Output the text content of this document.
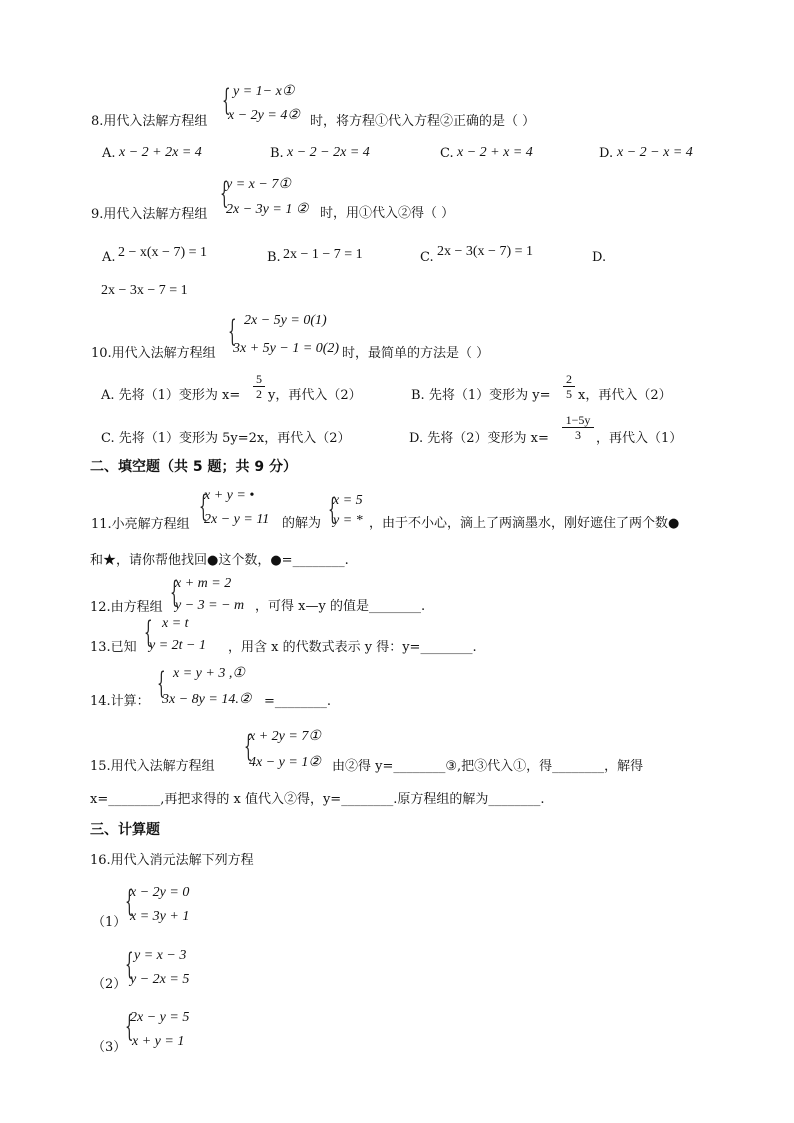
{ y = 1− x①
x − 2y = 4②
8.用代入法解方程组	时，将方程①代入方程②正确的是（ ）
A. x − 2 + 2x = 4	B. x − 2 − 2x = 4	C. x − 2 + x = 4	D. x − 2 − x = 4
{
y = x − 7①
2x − 3y = 1 ②
9.用代入法解方程组	时，用①代入②得（ ）
A. 2 − x(x − 7) = 1	B. 2x − 1 − 7 = 1	C. 2x − 3(x − 7) = 1	D.
2x − 3x − 7 = 1
{ 2x − 5y = 0(1)
3x + 5y − 1 = 0(2)
10.用代入法解方程组	时，最简单的方法是（ ）
A. 先将（1）变形为 $x= \frac{5}{2}$ y，再代入（2）	B. 先将（1）变形为 $y= \frac{2}{5}$ x，再代入（2）
C. 先将（1）变形为 5y=2x，再代入（2）	D. 先将（2）变形为 $x= \frac{1-5y}{3}$ ，再代入（1）
二、填空题（共 5 题；共 9 分）
{
x + y = •
2x − y = 11
11.小亮解方程组	的解为 {
x = 5
y = * ，由于不小心，滴上了两滴墨水，刚好遮住了两个数●
和★，请你帮他找回●这个数，●=________.
{
x + m = 2
y − 3 = − m
12.由方程组	，可得 x—y 的值是________.
{ x = t
y = 2t − 1
13.已知	，用含 x 的代数式表示 y 得：y=________.
{ x = y + 3 ,①
3x − 8y = 14.②
14.计算：	=________.
{
x + 2y = 7①
4x − y = 1②
15.用代入法解方程组	由②得 y=________③,把③代入①，得________，解得
x=________,再把求得的 x 值代入②得，y=________.原方程组的解为________.
三、计算题
16.用代入消元法解下列方程
（1）
{
x − 2y = 0
x = 3y + 1
（2）
{ y = x − 3
y − 2x = 5
（3）
{
2x − y = 5
x + y = 1
